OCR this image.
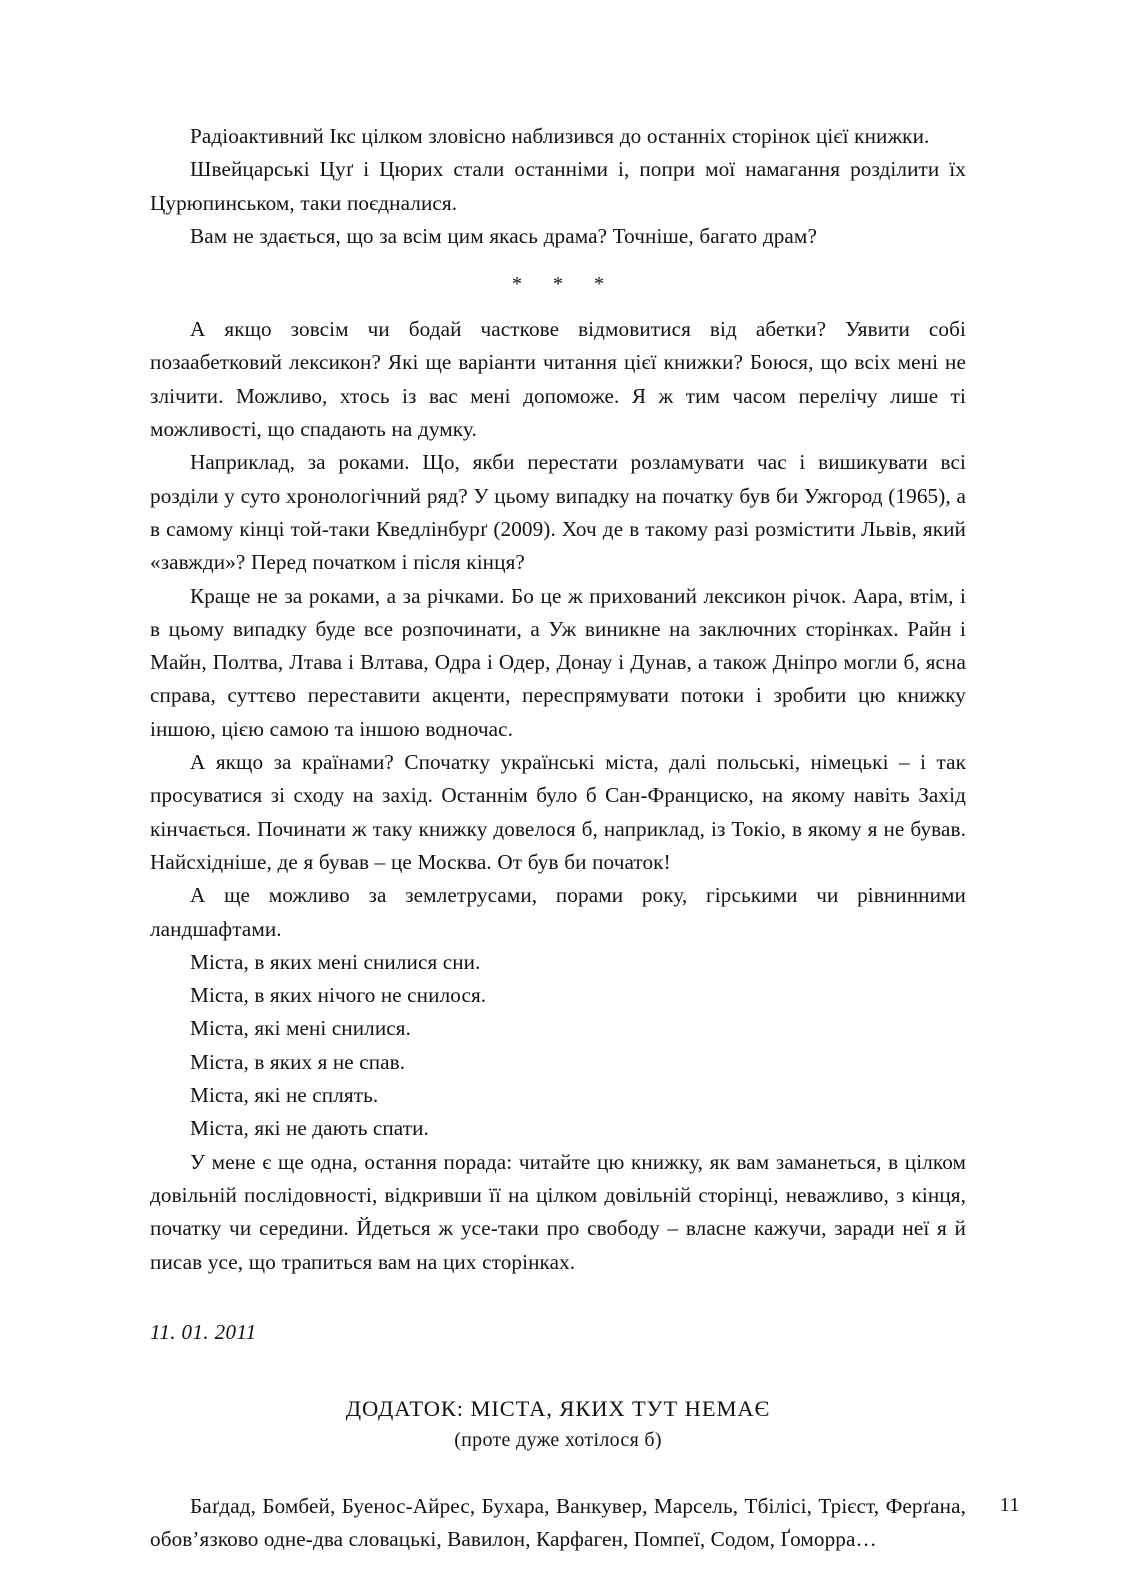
Радіоактивний Ікс цілком зловісно наблизився до останніх сторінок цієї книжки.

Швейцарські Цуґ і Цюрих стали останніми і, попри мої намагання розділити їх Цурюпинськом, таки поєдналися.

Вам не здається, що за всім цим якась драма? Точніше, багато драм?

* * *

А якщо зовсім чи бодай часткове відмовитися від абетки? Уявити собі позаабетковий лексикон? Які ще варіанти читання цієї книжки? Боюся, що всіх мені не злічити. Можливо, хтось із вас мені допоможе. Я ж тим часом перелічу лише ті можливості, що спадають на думку.

Наприклад, за роками. Що, якби перестати розламувати час і вишикувати всі розділи у суто хронологічний ряд? У цьому випадку на початку був би Ужгород (1965), а в самому кінці той-таки Кведлінбурґ (2009). Хоч де в такому разі розмістити Львів, який «завжди»? Перед початком і після кінця?

Краще не за роками, а за річками. Бо це ж прихований лексикон річок. Аара, втім, і в цьому випадку буде все розпочинати, а Уж виникне на заключних сторінках. Райн і Майн, Полтва, Лтава і Влтава, Одра і Одер, Донау і Дунав, а також Дніпро могли б, ясна справа, суттєво переставити акценти, переспрямувати потоки і зробити цю книжку іншою, цією самою та іншою водночас.

А якщо за країнами? Спочатку українські міста, далі польські, німецькі – і так просуватися зі сходу на захід. Останнім було б Сан-Франциско, на якому навіть Захід кінчається. Починати ж таку книжку довелося б, наприклад, із Токіо, в якому я не бував. Найсхідніше, де я бував – це Москва. От був би початок!

А ще можливо за землетрусами, порами року, гірськими чи рівнинними ландшафтами.

Міста, в яких мені снилися сни.

Міста, в яких нічого не снилося.

Міста, які мені снилися.

Міста, в яких я не спав.

Міста, які не сплять.

Міста, які не дають спати.

У мене є ще одна, остання порада: читайте цю книжку, як вам заманеться, в цілком довільній послідовності, відкривши її на цілком довільній сторінці, неважливо, з кінця, початку чи середини. Йдеться ж усе-таки про свободу – власне кажучи, заради неї я й писав усе, що трапиться вам на цих сторінках.

11. 01. 2011
ДОДАТОК: МІСТА, ЯКИХ ТУТ НЕМАЄ
(проте дуже хотілося б)

Баґдад, Бомбей, Буенос-Айрес, Бухара, Ванкувер, Марсель, Тбілісі, Трієст, Ферґана, обов’язково одне-два словацькі, Вавилон, Карфаген, Помпеї, Содом, Ґоморра…

11
